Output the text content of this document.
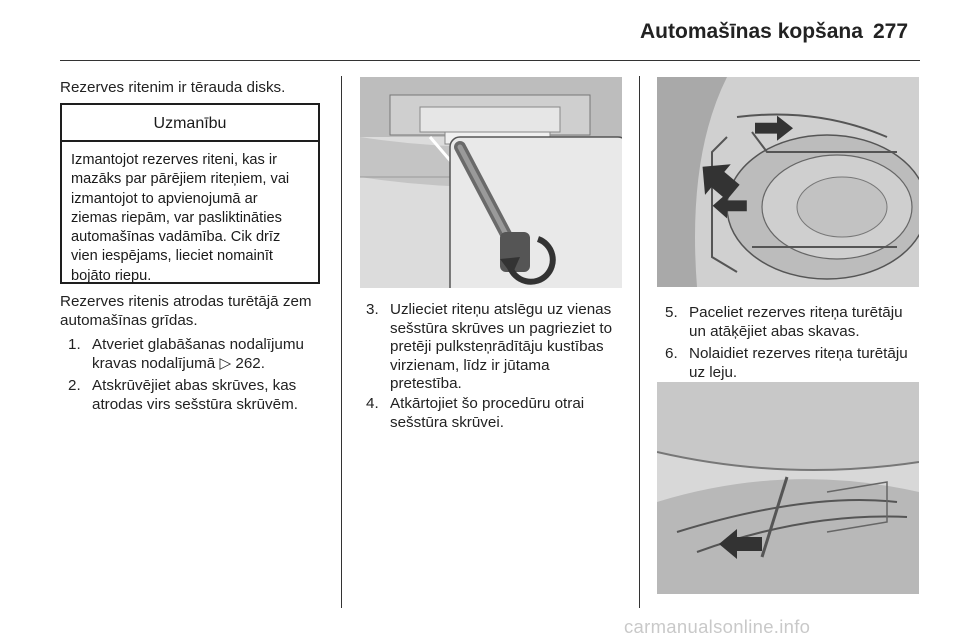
Automašīnas kopšana 277
Rezerves ritenim ir tērauda disks.
Uzmanību
Izmantojot rezerves riteni, kas ir
mazāks par pārējiem riteņiem, vai
izmantojot to apvienojumā ar
ziemas riepām, var pasliktināties
automašīnas vadāmība. Cik drīz
vien iespējams, lieciet nomainīt
bojāto riepu.
Rezerves ritenis atrodas turētājā zem
automašīnas grīdas.
1. Atveriet glabāšanas nodalījumu
kravas nodalījumā ▷ 262.
2. Atskrūvējiet abas skrūves, kas
atrodas virs sešstūra skrūvēm.
3. Uzlieciet riteņu atslēgu uz vienas
sešstūra skrūves un pagrieziet to
pretēji pulksteņrādītāju kustības
virzienam, līdz ir jūtama
pretestība.
4. Atkārtojiet šo procedūru otrai
sešstūra skrūvei.
5. Paceliet rezerves riteņa turētāju
un atāķējiet abas skavas.
6. Nolaidiet rezerves riteņa turētāju
uz leju.
carmanualsonline.info
